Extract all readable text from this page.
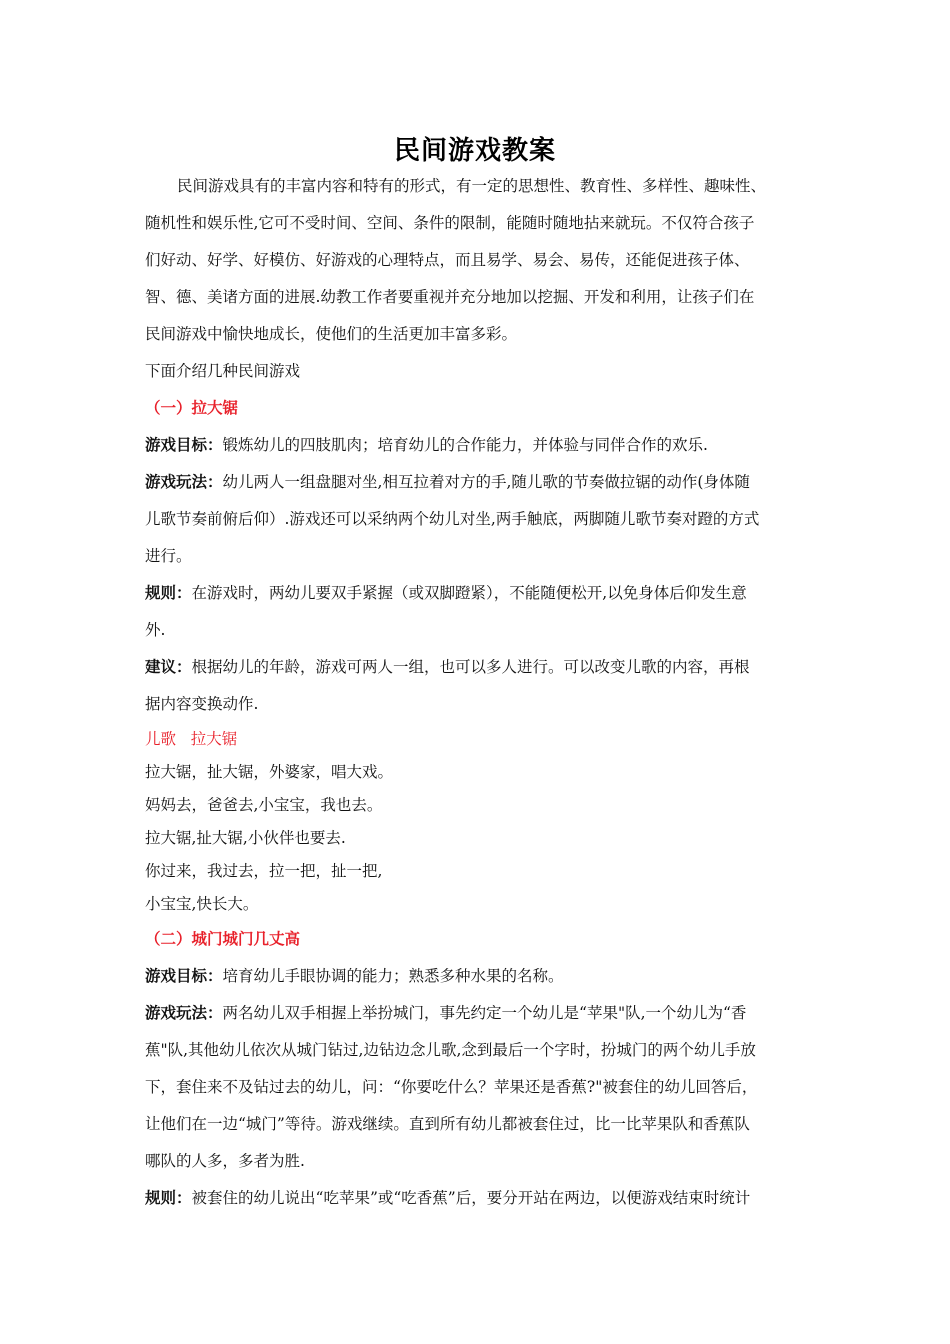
民间游戏教案
民间游戏具有的丰富内容和特有的形式，有一定的思想性、教育性、多样性、趣味性、
随机性和娱乐性,它可不受时间、空间、条件的限制，能随时随地拈来就玩。不仅符合孩子
们好动、好学、好模仿、好游戏的心理特点，而且易学、易会、易传，还能促进孩子体、
智、德、美诸方面的进展.幼教工作者要重视并充分地加以挖掘、开发和利用，让孩子们在
民间游戏中愉快地成长，使他们的生活更加丰富多彩。
下面介绍几种民间游戏
（一）拉大锯
游戏目标：锻炼幼儿的四肢肌肉；培育幼儿的合作能力，并体验与同伴合作的欢乐.
游戏玩法：幼儿两人一组盘腿对坐,相互拉着对方的手,随儿歌的节奏做拉锯的动作(身体随
儿歌节奏前俯后仰）.游戏还可以采纳两个幼儿对坐,两手触底，两脚随儿歌节奏对蹬的方式
进行。
规则：在游戏时，两幼儿要双手紧握（或双脚蹬紧），不能随便松开,以免身体后仰发生意
外.
建议：根据幼儿的年龄，游戏可两人一组，也可以多人进行。可以改变儿歌的内容，再根
据内容变换动作.
儿歌   拉大锯
拉大锯，扯大锯，外婆家，唱大戏。
妈妈去，爸爸去,小宝宝，我也去。
拉大锯,扯大锯,小伙伴也要去.
你过来，我过去，拉一把，扯一把,
小宝宝,快长大。
（二）城门城门几丈高
游戏目标：培育幼儿手眼协调的能力；熟悉多种水果的名称。
游戏玩法：两名幼儿双手相握上举扮城门，事先约定一个幼儿是“苹果"队,一个幼儿为“香
蕉"队,其他幼儿依次从城门钻过,边钻边念儿歌,念到最后一个字时，扮城门的两个幼儿手放
下，套住来不及钻过去的幼儿，问：“你要吃什么？苹果还是香蕉?"被套住的幼儿回答后，
让他们在一边“城门”等待。游戏继续。直到所有幼儿都被套住过，比一比苹果队和香蕉队
哪队的人多，多者为胜.
规则：被套住的幼儿说出“吃苹果”或“吃香蕉”后，要分开站在两边，以便游戏结束时统计
